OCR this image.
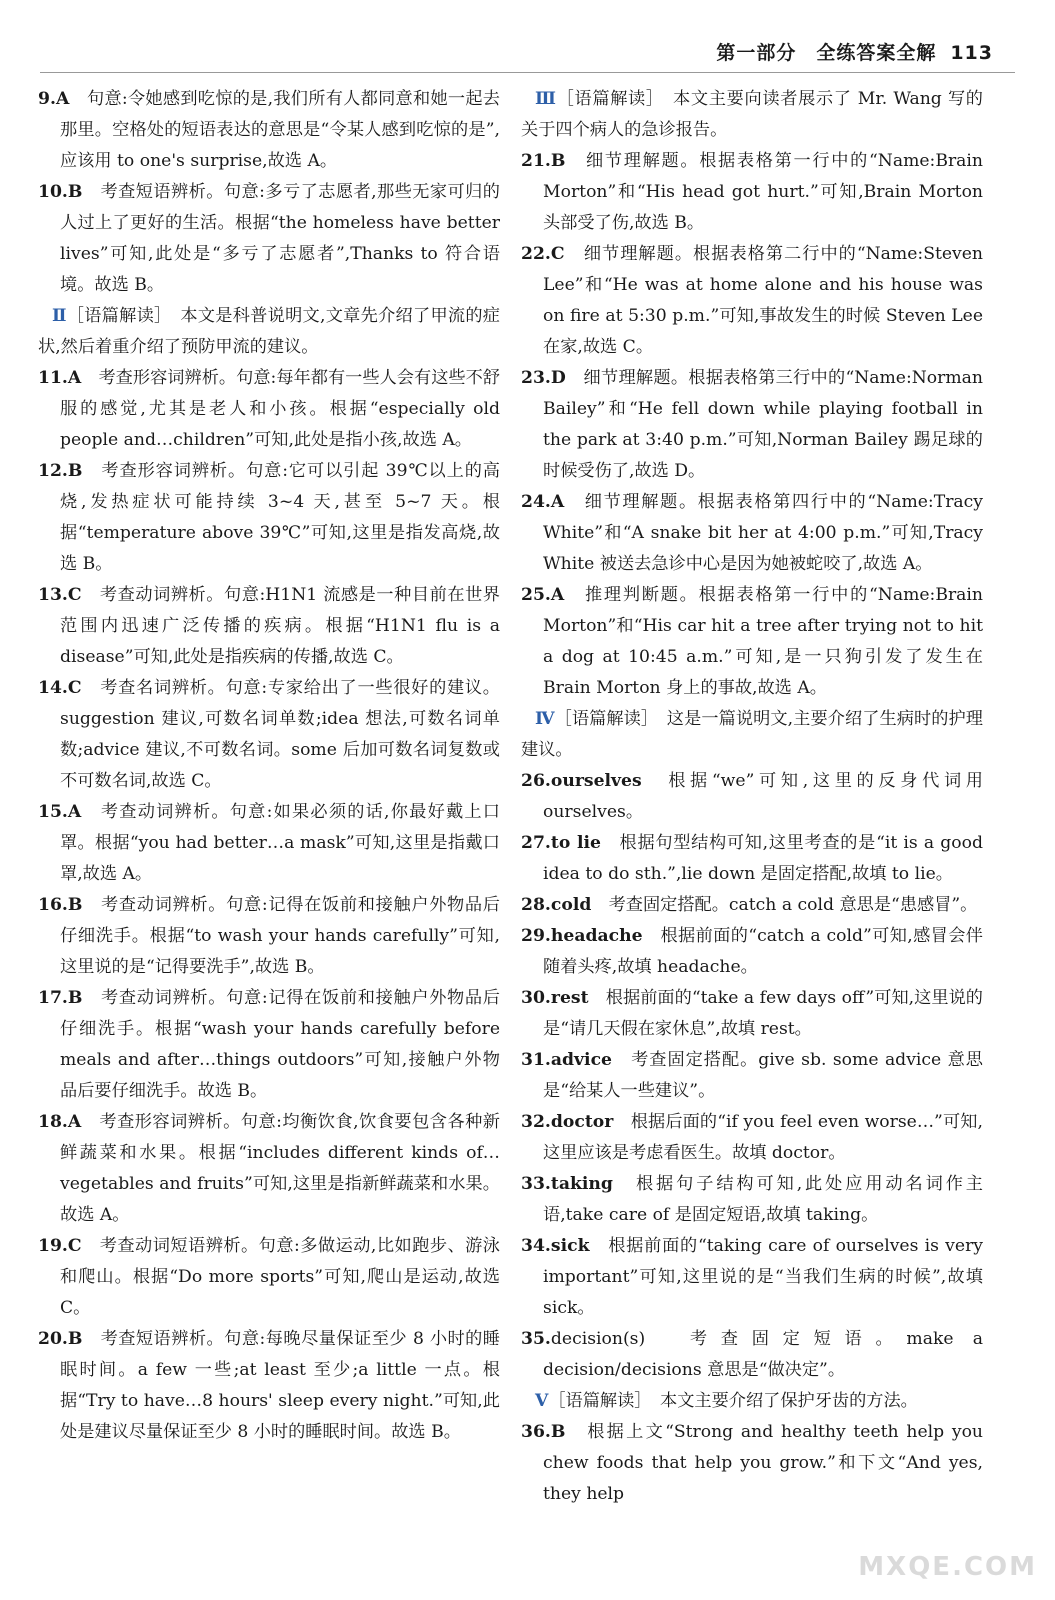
第一部分　全练答案全解 113

9.A　句意:令她感到吃惊的是,我们所有人都同意和她一起去那里。空格处的短语表达的意思是“令某人感到吃惊的是”,应该用 to one's surprise,故选 A。

10.B　考查短语辨析。句意:多亏了志愿者,那些无家可归的人过上了更好的生活。根据“the homeless have better lives”可知,此处是“多亏了志愿者”,Thanks to 符合语境。故选 B。

Ⅱ［语篇解读］　本文是科普说明文,文章先介绍了甲流的症状,然后着重介绍了预防甲流的建议。

11.A　考查形容词辨析。句意:每年都有一些人会有这些不舒服的感觉,尤其是老人和小孩。根据“especially old people and…children”可知,此处是指小孩,故选 A。

12.B　考查形容词辨析。句意:它可以引起 39℃以上的高烧,发热症状可能持续 3~4 天,甚至 5~7 天。根据“temperature above 39℃”可知,这里是指发高烧,故选 B。

13.C　考查动词辨析。句意:H1N1 流感是一种目前在世界范围内迅速广泛传播的疾病。根据“H1N1 flu is a disease”可知,此处是指疾病的传播,故选 C。

14.C　考查名词辨析。句意:专家给出了一些很好的建议。suggestion 建议,可数名词单数;idea 想法,可数名词单数;advice 建议,不可数名词。some 后加可数名词复数或不可数名词,故选 C。

15.A　考查动词辨析。句意:如果必须的话,你最好戴上口罩。根据“you had better…a mask”可知,这里是指戴口罩,故选 A。

16.B　考查动词辨析。句意:记得在饭前和接触户外物品后仔细洗手。根据“to wash your hands carefully”可知,这里说的是“记得要洗手”,故选 B。

17.B　考查动词辨析。句意:记得在饭前和接触户外物品后仔细洗手。根据“wash your hands carefully before meals and after…things outdoors”可知,接触户外物品后要仔细洗手。故选 B。

18.A　考查形容词辨析。句意:均衡饮食,饮食要包含各种新鲜蔬菜和水果。根据“includes different kinds of…vegetables and fruits”可知,这里是指新鲜蔬菜和水果。故选 A。

19.C　考查动词短语辨析。句意:多做运动,比如跑步、游泳和爬山。根据“Do more sports”可知,爬山是运动,故选 C。

20.B　考查短语辨析。句意:每晚尽量保证至少 8 小时的睡眠时间。a few 一些;at least 至少;a little 一点。根据“Try to have…8 hours' sleep every night.”可知,此处是建议尽量保证至少 8 小时的睡眠时间。故选 B。

Ⅲ［语篇解读］　本文主要向读者展示了 Mr. Wang 写的关于四个病人的急诊报告。

21.B　细节理解题。根据表格第一行中的“Name:Brain Morton”和“His head got hurt.”可知,Brain Morton 头部受了伤,故选 B。

22.C　细节理解题。根据表格第二行中的“Name:Steven Lee”和“He was at home alone and his house was on fire at 5:30 p.m.”可知,事故发生的时候 Steven Lee 在家,故选 C。

23.D　细节理解题。根据表格第三行中的“Name:Norman Bailey”和“He fell down while playing football in the park at 3:40 p.m.”可知,Norman Bailey 踢足球的时候受伤了,故选 D。

24.A　细节理解题。根据表格第四行中的“Name:Tracy White”和“A snake bit her at 4:00 p.m.”可知,Tracy White 被送去急诊中心是因为她被蛇咬了,故选 A。

25.A　推理判断题。根据表格第一行中的“Name:Brain Morton”和“His car hit a tree after trying not to hit a dog at 10:45 a.m.”可知,是一只狗引发了发生在 Brain Morton 身上的事故,故选 A。

Ⅳ［语篇解读］　这是一篇说明文,主要介绍了生病时的护理建议。

26.ourselves　根据“we”可知,这里的反身代词用 ourselves。

27.to lie　根据句型结构可知,这里考查的是“it is a good idea to do sth.”,lie down 是固定搭配,故填 to lie。

28.cold　考查固定搭配。catch a cold 意思是“患感冒”。

29.headache　根据前面的“catch a cold”可知,感冒会伴随着头疼,故填 headache。

30.rest　根据前面的“take a few days off”可知,这里说的是“请几天假在家休息”,故填 rest。

31.advice　考查固定搭配。give sb. some advice 意思是“给某人一些建议”。

32.doctor　根据后面的“if you feel even worse…”可知,这里应该是考虑看医生。故填 doctor。

33.taking　根据句子结构可知,此处应用动名词作主语,take care of 是固定短语,故填 taking。

34.sick　根据前面的“taking care of ourselves is very important”可知,这里说的是“当我们生病的时候”,故填 sick。

35.decision(s)　考查固定短语。make a decision/decisions 意思是“做决定”。

Ⅴ［语篇解读］　本文主要介绍了保护牙齿的方法。

36.B　根据上文“Strong and healthy teeth help you chew foods that help you grow.”和下文“And yes, they help

MXQE.COM
